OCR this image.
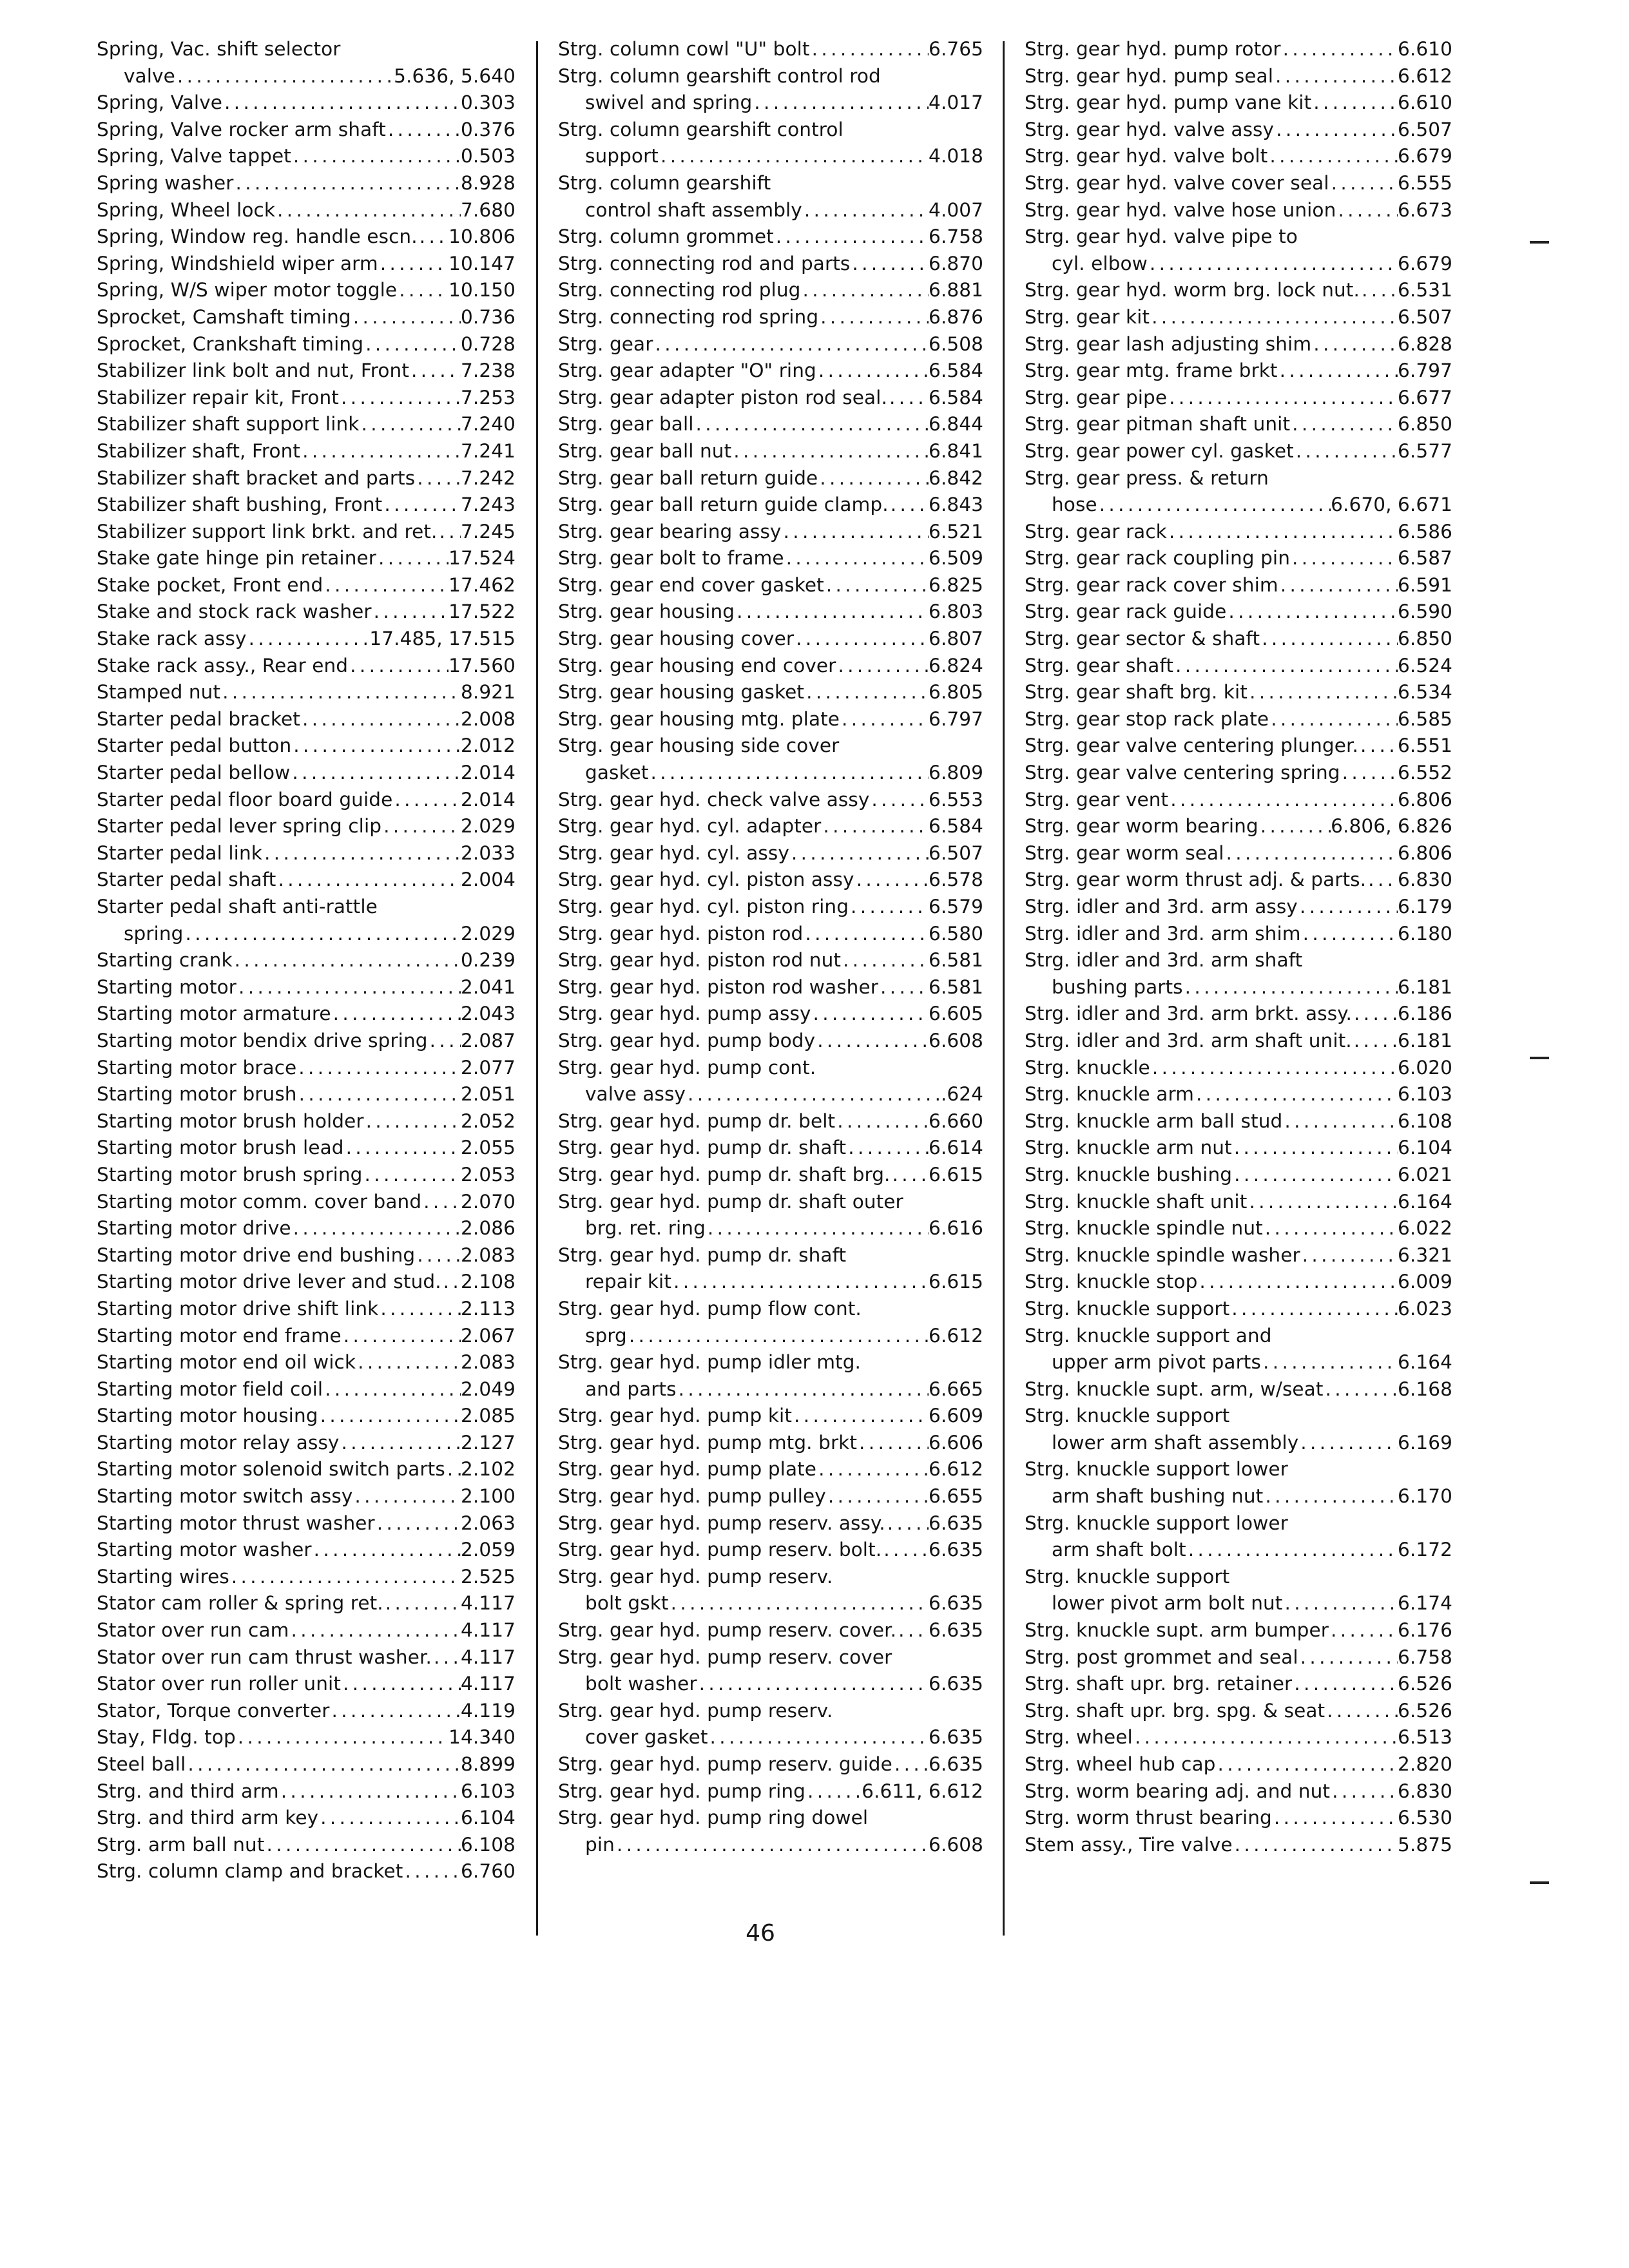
Spring, Vac. shift selector
valve . . .	5.636, 5.640
Spring, Valve . . .	0.303
Spring, Valve rocker arm shaft . . .	0.376
Spring, Valve tappet . . .	0.503
Spring washer . . .	8.928
Spring, Wheel lock . . .	7.680
Spring, Window reg. handle escn. . . . 10.806
Spring, Windshield wiper arm . . .	10.147
Spring, W/S wiper motor toggle . . .	10.150
Sprocket, Camshaft timing . . .	0.736
Sprocket, Crankshaft timing . . .	0.728
Stabilizer link bolt and nut, Front . . .	7.238
Stabilizer repair kit, Front . . .	7.253
Stabilizer shaft support link . . .	7.240
Stabilizer shaft, Front . . .	7.241
Stabilizer shaft bracket and parts . . . 7.242
Stabilizer shaft bushing, Front . . .	7.243
Stabilizer support link brkt. and ret. . . . 7.245
Stake gate hinge pin retainer . . .	17.524
Stake pocket, Front end . . .	17.462
Stake and stock rack washer . . .	17.522
Stake rack assy . . .	17.485, 17.515
Stake rack assy., Rear end . . .	17.560
Stamped nut . . .	8.921
Starter pedal bracket . . .	2.008
Starter pedal button . . .	2.012
Starter pedal bellow . . .	2.014
Starter pedal floor board guide . . .	2.014
Starter pedal lever spring clip . . .	2.029
Starter pedal link . . .	2.033
Starter pedal shaft . . .	2.004
Starter pedal shaft anti-rattle
spring . . .	2.029
Starting crank . . .	0.239
Starting motor . . .	2.041
Starting motor armature . . .	2.043
Starting motor bendix drive spring . . . 2.087
Starting motor brace . . .	2.077
Starting motor brush . . .	2.051
Starting motor brush holder . . .	2.052
Starting motor brush lead . . .	2.055
Starting motor brush spring . . .	2.053
Starting motor comm. cover band . . . 2.070
Starting motor drive . . .	2.086
Starting motor drive end bushing . . . 2.083
Starting motor drive lever and stud. . . . 2.108
Starting motor drive shift link . . .	2.113
Starting motor end frame . . .	2.067
Starting motor end oil wick . . .	2.083
Starting motor field coil . . .	2.049
Starting motor housing . . .	2.085
Starting motor relay assy . . .	2.127
Starting motor solenoid switch parts . . . 2.102
Starting motor switch assy . . .	2.100
Starting motor thrust washer . . .	2.063
Starting motor washer . . .	2.059
Starting wires . . .	2.525
Stator cam roller & spring ret. . . .	4.117
Stator over run cam . . .	4.117
Stator over run cam thrust washer. . . . 4.117
Stator over run roller unit . . .	4.117
Stator, Torque converter . . .	4.119
Stay, Fldg. top . . .	14.340
Steel ball . . .	8.899
Strg. and third arm . . .	6.103
Strg. and third arm key . . .	6.104
Strg. arm ball nut . . .	6.108
Strg. column clamp and bracket . . .	6.760
Strg. column cowl "U" bolt . . .	6.765
Strg. column gearshift control rod
swivel and spring . . .	4.017
Strg. column gearshift control
support . . .	4.018
Strg. column gearshift
control shaft assembly . . .	4.007
Strg. column grommet . . .	6.758
Strg. connecting rod and parts . . .	6.870
Strg. connecting rod plug . . .	6.881
Strg. connecting rod spring . . .	6.876
Strg. gear . . .	6.508
Strg. gear adapter "O" ring . . .	6.584
Strg. gear adapter piston rod seal. . . . 6.584
Strg. gear ball . . .	6.844
Strg. gear ball nut . . .	6.841
Strg. gear ball return guide . . .	6.842
Strg. gear ball return guide clamp. . . . 6.843
Strg. gear bearing assy . . .	6.521
Strg. gear bolt to frame . . .	6.509
Strg. gear end cover gasket . . .	6.825
Strg. gear housing . . .	6.803
Strg. gear housing cover . . .	6.807
Strg. gear housing end cover . . .	6.824
Strg. gear housing gasket . . .	6.805
Strg. gear housing mtg. plate . . .	6.797
Strg. gear housing side cover
gasket . . .	6.809
Strg. gear hyd. check valve assy . . .	6.553
Strg. gear hyd. cyl. adapter . . .	6.584
Strg. gear hyd. cyl. assy . . .	6.507
Strg. gear hyd. cyl. piston assy . . .	6.578
Strg. gear hyd. cyl. piston ring . . .	6.579
Strg. gear hyd. piston rod . . .	6.580
Strg. gear hyd. piston rod nut . . .	6.581
Strg. gear hyd. piston rod washer . . .	6.581
Strg. gear hyd. pump assy . . .	6.605
Strg. gear hyd. pump body . . .	6.608
Strg. gear hyd. pump cont.
valve assy . . .	.624
Strg. gear hyd. pump dr. belt . . .	6.660
Strg. gear hyd. pump dr. shaft . . .	6.614
Strg. gear hyd. pump dr. shaft brg. . . . 6.615
Strg. gear hyd. pump dr. shaft outer
brg. ret. ring . . .	6.616
Strg. gear hyd. pump dr. shaft
repair kit . . .	6.615
Strg. gear hyd. pump flow cont.
sprg . . .	6.612
Strg. gear hyd. pump idler mtg.
and parts . . .	6.665
Strg. gear hyd. pump kit . . .	6.609
Strg. gear hyd. pump mtg. brkt . . .	6.606
Strg. gear hyd. pump plate . . .	6.612
Strg. gear hyd. pump pulley . . .	6.655
Strg. gear hyd. pump reserv. assy. . . . 6.635
Strg. gear hyd. pump reserv. bolt. . . . 6.635
Strg. gear hyd. pump reserv.
bolt gskt . . .	6.635
Strg. gear hyd. pump reserv. cover. . . . 6.635
Strg. gear hyd. pump reserv. cover
bolt washer . . .	6.635
Strg. gear hyd. pump reserv.
cover gasket . . .	6.635
Strg. gear hyd. pump reserv. guide . . . 6.635
Strg. gear hyd. pump ring . . .	6.611, 6.612
Strg. gear hyd. pump ring dowel
pin . . .	6.608
Strg. gear hyd. pump rotor . . .	6.610
Strg. gear hyd. pump seal . . .	6.612
Strg. gear hyd. pump vane kit . . .	6.610
Strg. gear hyd. valve assy . . .	6.507
Strg. gear hyd. valve bolt . . .	6.679
Strg. gear hyd. valve cover seal . . .	6.555
Strg. gear hyd. valve hose union . . .	6.673
Strg. gear hyd. valve pipe to
cyl. elbow . . .	6.679
Strg. gear hyd. worm brg. lock nut. . . . 6.531
Strg. gear kit . . .	6.507
Strg. gear lash adjusting shim . . .	6.828
Strg. gear mtg. frame brkt . . .	6.797
Strg. gear pipe . . .	6.677
Strg. gear pitman shaft unit . . .	6.850
Strg. gear power cyl. gasket . . .	6.577
Strg. gear press. & return
hose . . .	6.670, 6.671
Strg. gear rack . . .	6.586
Strg. gear rack coupling pin . . .	6.587
Strg. gear rack cover shim . . .	6.591
Strg. gear rack guide . . .	6.590
Strg. gear sector & shaft . . .	6.850
Strg. gear shaft . . .	6.524
Strg. gear shaft brg. kit . . .	6.534
Strg. gear stop rack plate . . .	6.585
Strg. gear valve centering plunger. . . . 6.551
Strg. gear valve centering spring . . .	6.552
Strg. gear vent . . .	6.806
Strg. gear worm bearing . . .	6.806, 6.826
Strg. gear worm seal . . .	6.806
Strg. gear worm thrust adj. & parts. . . . 6.830
Strg. idler and 3rd. arm assy . . .	6.179
Strg. idler and 3rd. arm shim . . .	6.180
Strg. idler and 3rd. arm shaft
bushing parts . . .	6.181
Strg. idler and 3rd. arm brkt. assy. . . . 6.186
Strg. idler and 3rd. arm shaft unit. . . . 6.181
Strg. knuckle . . .	6.020
Strg. knuckle arm . . .	6.103
Strg. knuckle arm ball stud . . .	6.108
Strg. knuckle arm nut . . .	6.104
Strg. knuckle bushing . . .	6.021
Strg. knuckle shaft unit . . .	6.164
Strg. knuckle spindle nut . . .	6.022
Strg. knuckle spindle washer . . .	6.321
Strg. knuckle stop . . .	6.009
Strg. knuckle support . . .	6.023
Strg. knuckle support and
upper arm pivot parts . . .	6.164
Strg. knuckle supt. arm, w/seat . . .	6.168
Strg. knuckle support
lower arm shaft assembly . . .	6.169
Strg. knuckle support lower
arm shaft bushing nut . . .	6.170
Strg. knuckle support lower
arm shaft bolt . . .	6.172
Strg. knuckle support
lower pivot arm bolt nut . . .	6.174
Strg. knuckle supt. arm bumper . . .	6.176
Strg. post grommet and seal . . .	6.758
Strg. shaft upr. brg. retainer . . .	6.526
Strg. shaft upr. brg. spg. & seat . . .	6.526
Strg. wheel . . .	6.513
Strg. wheel hub cap . . .	2.820
Strg. worm bearing adj. and nut . . .	6.830
Strg. worm thrust bearing . . .	6.530
Stem assy., Tire valve . . .	5.875
46
